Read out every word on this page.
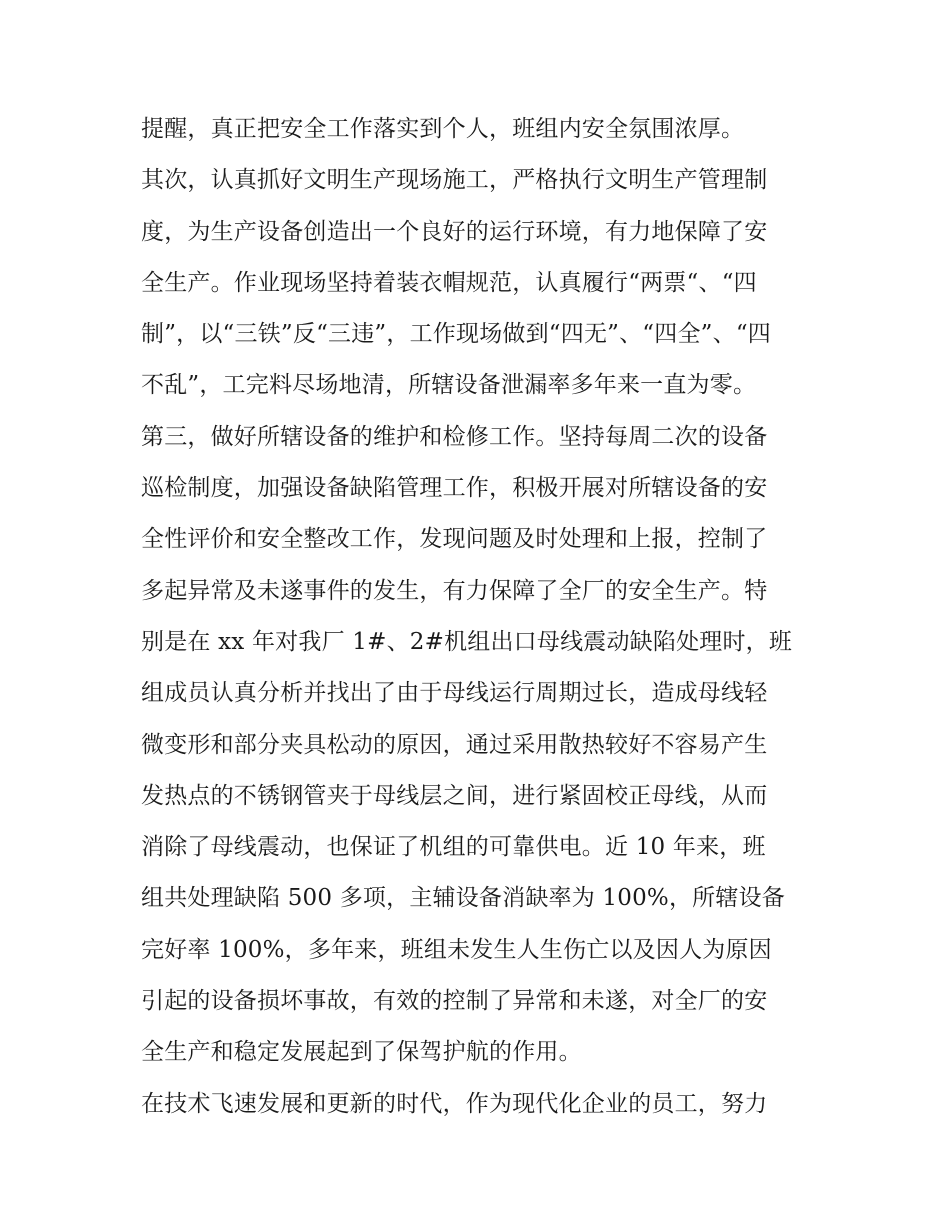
提醒，真正把安全工作落实到个人，班组内安全氛围浓厚。
其次，认真抓好文明生产现场施工，严格执行文明生产管理制
度，为生产设备创造出一个良好的运行环境，有力地保障了安
全生产。作业现场坚持着装衣帽规范，认真履行“两票“、“四
制”，以“三铁”反“三违”，工作现场做到“四无”、“四全”、“四
不乱”，工完料尽场地清，所辖设备泄漏率多年来一直为零。
第三，做好所辖设备的维护和检修工作。坚持每周二次的设备
巡检制度，加强设备缺陷管理工作，积极开展对所辖设备的安
全性评价和安全整改工作，发现问题及时处理和上报，控制了
多起异常及未遂事件的发生，有力保障了全厂的安全生产。特
别是在 xx 年对我厂 1#、2#机组出口母线震动缺陷处理时，班
组成员认真分析并找出了由于母线运行周期过长，造成母线轻
微变形和部分夹具松动的原因，通过采用散热较好不容易产生
发热点的不锈钢管夹于母线层之间，进行紧固校正母线，从而
消除了母线震动，也保证了机组的可靠供电。近 10 年来，班
组共处理缺陷 500 多项，主辅设备消缺率为 100%，所辖设备
完好率 100%，多年来，班组未发生人生伤亡以及因人为原因
引起的设备损坏事故，有效的控制了异常和未遂，对全厂的安
全生产和稳定发展起到了保驾护航的作用。
在技术飞速发展和更新的时代，作为现代化企业的员工，努力
